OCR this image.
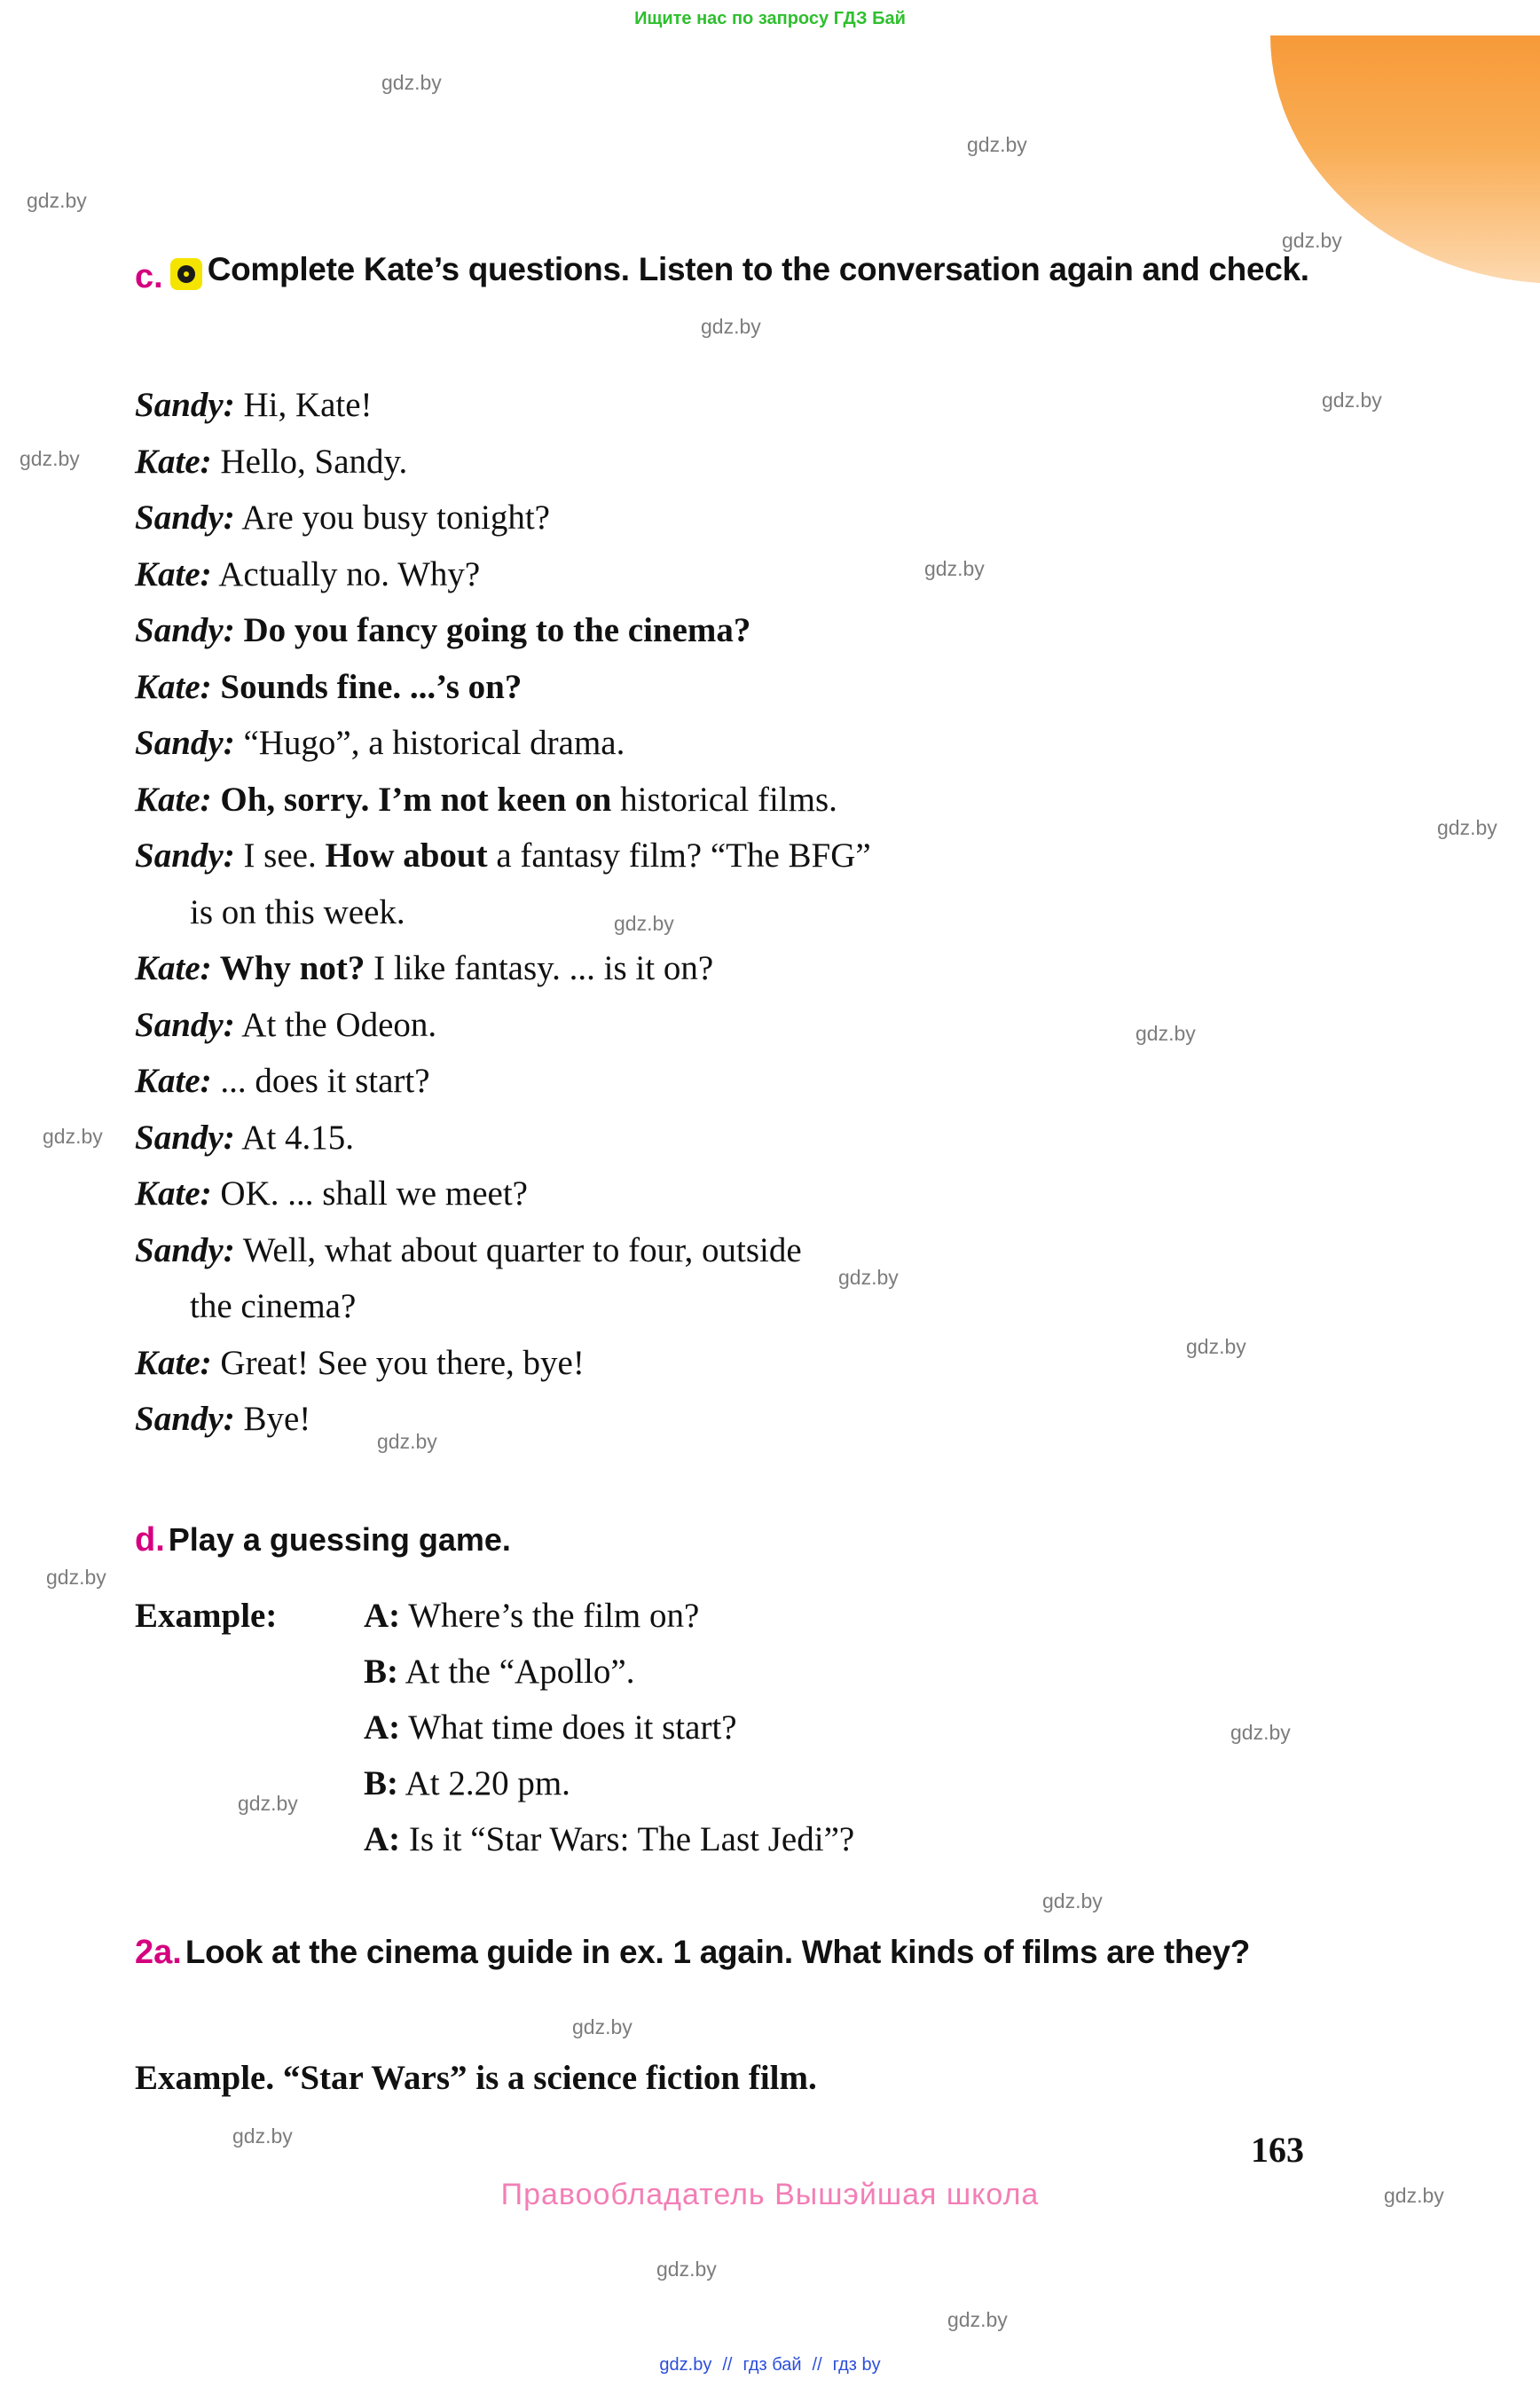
Ищите нас по запросу ГДЗ Бай
c. Complete Kate’s questions. Listen to the conversation again and check.
Sandy: Hi, Kate!
Kate: Hello, Sandy.
Sandy: Are you busy tonight?
Kate: Actually no. Why?
Sandy: Do you fancy going to the cinema?
Kate: Sounds fine. ...’s on?
Sandy: “Hugo”, a historical drama.
Kate: Oh, sorry. I’m not keen on historical films.
Sandy: I see. How about a fantasy film? “The BFG”
is on this week.
Kate: Why not? I like fantasy. ... is it on?
Sandy: At the Odeon.
Kate: ... does it start?
Sandy: At 4.15.
Kate: OK. ... shall we meet?
Sandy: Well, what about quarter to four, outside
the cinema?
Kate: Great! See you there, bye!
Sandy: Bye!
d. Play a guessing game.
Example:	A: Where’s the film on?
B: At the “Apollo”.
A: What time does it start?
B: At 2.20 pm.
A: Is it “Star Wars: The Last Jedi”?
2a. Look at the cinema guide in ex. 1 again. What kinds of films are they?
Example. “Star Wars” is a science fiction film.
163
Правообладатель Вышэйшая школа
gdz.by // гдз бай // гдз by
gdz.by
gdz.by
gdz.by
gdz.by
gdz.by
gdz.by
gdz.by
gdz.by
gdz.by
gdz.by
gdz.by
gdz.by
gdz.by
gdz.by
gdz.by
gdz.by
gdz.by
gdz.by
gdz.by
gdz.by
gdz.by
gdz.by
gdz.by
gdz.by
